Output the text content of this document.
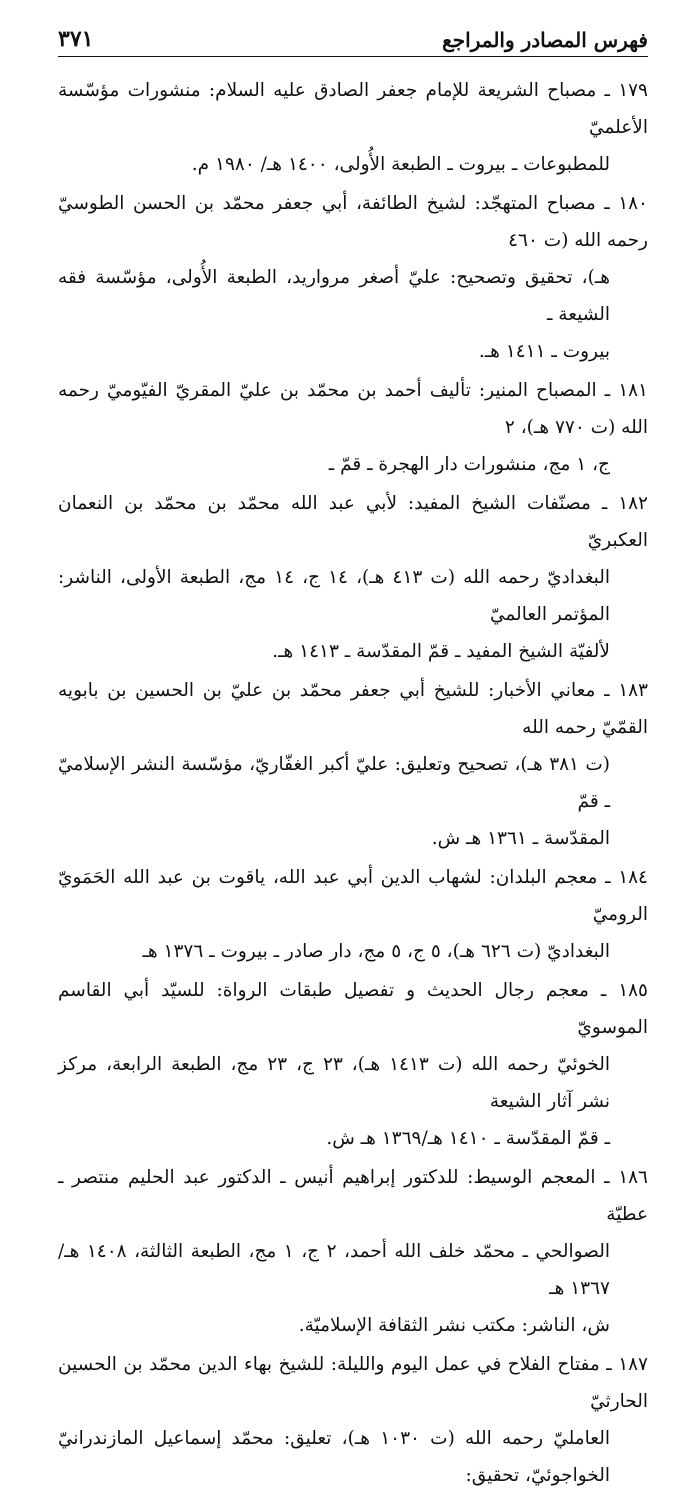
فهرس المصادر والمراجع
٣٧١
١٧٩ ـ مصباح الشريعة للإمام جعفر الصادق عليه السلام: منشورات مؤسّسة الأعلميّ
للمطبوعات ـ بيروت ـ الطبعة الأُولى، ١٤٠٠ هـ/ ١٩٨٠ م.
١٨٠ ـ مصباح المتهجّد: لشيخ الطائفة، أبي جعفر محمّد بن الحسن الطوسيّ رحمه الله (ت ٤٦٠
هـ)، تحقيق وتصحيح: عليّ أصغر مرواريد، الطبعة الأُولى، مؤسّسة فقه الشيعة ـ
بيروت ـ ١٤١١ هـ.
١٨١ ـ المصباح المنير: تأليف أحمد بن محمّد بن عليّ المقريّ الفيّوميّ رحمه الله (ت ٧٧٠ هـ)، ٢
ج، ١ مج، منشورات دار الهجرة ـ قمّ ـ
١٨٢ ـ مصنّفات الشيخ المفيد: لأبي عبد الله محمّد بن محمّد بن النعمان العكبريّ
البغداديّ رحمه الله (ت ٤١٣ هـ)، ١٤ ج، ١٤ مج، الطبعة الأولى، الناشر: المؤتمر العالميّ
لألفيّة الشيخ المفيد ـ قمّ المقدّسة ـ ١٤١٣ هـ.
١٨٣ ـ معاني الأخبار: للشيخ أبي جعفر محمّد بن عليّ بن الحسين بن بابويه القمّيّ رحمه الله
(ت ٣٨١ هـ)، تصحيح وتعليق: عليّ أكبر الغفّاريّ، مؤسّسة النشر الإسلاميّ ـ قمّ
المقدّسة ـ ١٣٦١ هـ ش.
١٨٤ ـ معجم البلدان: لشهاب الدين أبي عبد الله، ياقوت بن عبد الله الحَمَويّ الروميّ
البغداديّ (ت ٦٢٦ هـ)، ٥ ج، ٥ مج، دار صادر ـ بيروت ـ ١٣٧٦ هـ
١٨٥ ـ معجم رجال الحديث و تفصيل طبقات الرواة: للسيّد أبي القاسم الموسويّ
الخوئيّ رحمه الله (ت ١٤١٣ هـ)، ٢٣ ج، ٢٣ مج، الطبعة الرابعة، مركز نشر آثار الشيعة
ـ قمّ المقدّسة ـ ١٤١٠ هـ/١٣٦٩ هـ ش.
١٨٦ ـ المعجم الوسيط: للدكتور إبراهيم أنيس ـ الدكتور عبد الحليم منتصر ـ عطيّة
الصوالحي ـ محمّد خلف الله أحمد، ٢ ج، ١ مج، الطبعة الثالثة، ١٤٠٨ هـ/١٣٦٧ هـ
ش، الناشر: مكتب نشر الثقافة الإسلاميّة.
١٨٧ ـ مفتاح الفلاح في عمل اليوم والليلة: للشيخ بهاء الدين محمّد بن الحسين الحارثيّ
العامليّ رحمه الله (ت ١٠٣٠ هـ)، تعليق: محمّد إسماعيل المازندرانيّ الخواجوئيّ، تحقيق:
